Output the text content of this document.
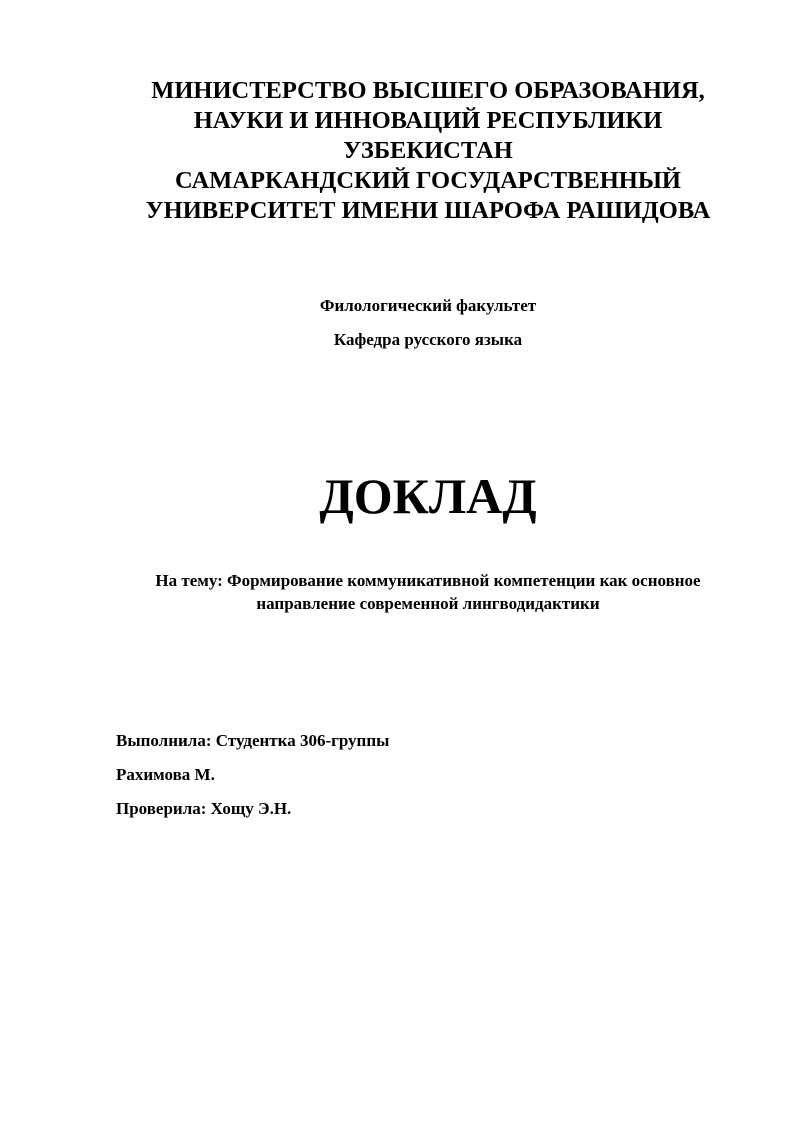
МИНИСТЕРСТВО ВЫСШЕГО ОБРАЗОВАНИЯ,
НАУКИ И ИННОВАЦИЙ РЕСПУБЛИКИ
УЗБЕКИСТАН
САМАРКАНДСКИЙ ГОСУДАРСТВЕННЫЙ
УНИВЕРСИТЕТ ИМЕНИ ШАРОФА РАШИДОВА
Филологический факультет
Кафедра русского языка
ДОКЛАД
На тему: Формирование коммуникативной компетенции как основное
направление современной лингводидактики
Выполнила: Студентка 306-группы
Рахимова М.
Проверила: Хощу Э.Н.
